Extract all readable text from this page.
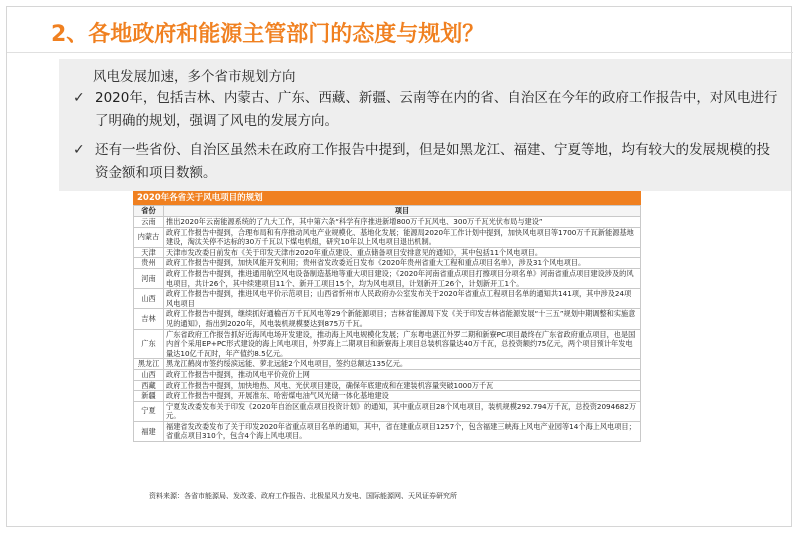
2、各地政府和能源主管部门的态度与规划？
风电发展加速，多个省市规划方向
✓ 2020年，包括吉林、内蒙古、广东、西藏、新疆、云南等在内的省、自治区在今年的政府工作报告中，对风电进行了明确的规划，强调了风电的发展方向。
✓ 还有一些省份、自治区虽然未在政府工作报告中提到，但是如黑龙江、福建、宁夏等地，均有较大的发展规模的投资金额和项目数额。
2020年各省关于风电项目的规划
省份	项目
云南	推出2020年云南能源系统的了九大工作，其中第六条“科学有序推进新增800万千瓦风电、300万千瓦光伏布局与建设”
内蒙古	政府工作报告中提到，合理布局和有序推动风电产业规模化、基地化发展；能源局2020年工作计划中提到，加快风电项目等1700万千瓦新能源基地建设，淘汰关停不达标的30万千瓦以下煤电机组，研究10年以上风电项目退出机制。
天津	天津市发改委日前发布《关于印发天津市2020年重点建设、重点储备项目安排意见的通知》，其中包括11个风电项目。
贵州	政府工作报告中提到，加快风能开发利用；贵州省发改委近日发布《2020年贵州省重大工程和重点项目名单》，涉及31个风电项目。
河南	政府工作报告中提到，推进通用航空风电设备制造基地等重大项目建设；《2020年河南省重点项目打擦项目分项名单》河南省重点项目建设涉及的风电项目，共计26个，其中续建项目11个、新开工项目15个，均为风电项目，计划新开工26个，计划新开工1个。
山西	政府工作报告中提到，推进风电平价示范项目；山西省忻州市人民政府办公室发布关于2020年省重点工程项目名单的通知共141项，其中涉及24项风电项目
吉林	政府工作报告中提到，继续抓好通榆百万千瓦风电等29个新能源项目；吉林省能源局下发《关于印发吉林省能源发展“十三五”规划中期调整和实施意见的通知》，指出到2020年，风电装机规模要达到875万千瓦。
广东	广东省政府工作报告抓好近海风电场开发建设，推动海上风电规模化发展；广东粤电湛江外罗二期和新寮PC项目最终在广东省政府重点项目，也是国内首个采用EP+PC形式建设的海上风电项目，外罗海上二期项目和新寮海上项目总装机容量达40万千瓦，总投资额约75亿元，两个项目预计年发电量达10亿千瓦时，年产值约8.5亿元。
黑龙江	黑龙江鹤岗市签约绥滨远能、萝北远能2个风电项目，签约总额达135亿元。
山西	政府工作报告中提到，推动风电平价竞价上网
西藏	政府工作报告中提到，加快地热、风电、光伏项目建设，确保年底建成和在建装机容量突破1000万千瓦
新疆	政府工作报告中提到，开展准东、哈密煤电油气风光储一体化基地建设
宁夏	宁夏发改委发布关于印发《2020年自治区重点项目投资计划》的通知，其中重点项目28个风电项目，装机规模292.794万千瓦，总投资2094682万元。
福建	福建省发改委发布了关于印发2020年省重点项目名单的通知，其中，省在建重点项目1257个，包含福建三峡海上风电产业园等14个海上风电项目；省重点项目310个，包含4个海上风电项目。
资料来源：各省市能源局、发改委、政府工作报告、北极星风力发电、国际能源网、天风证券研究所
